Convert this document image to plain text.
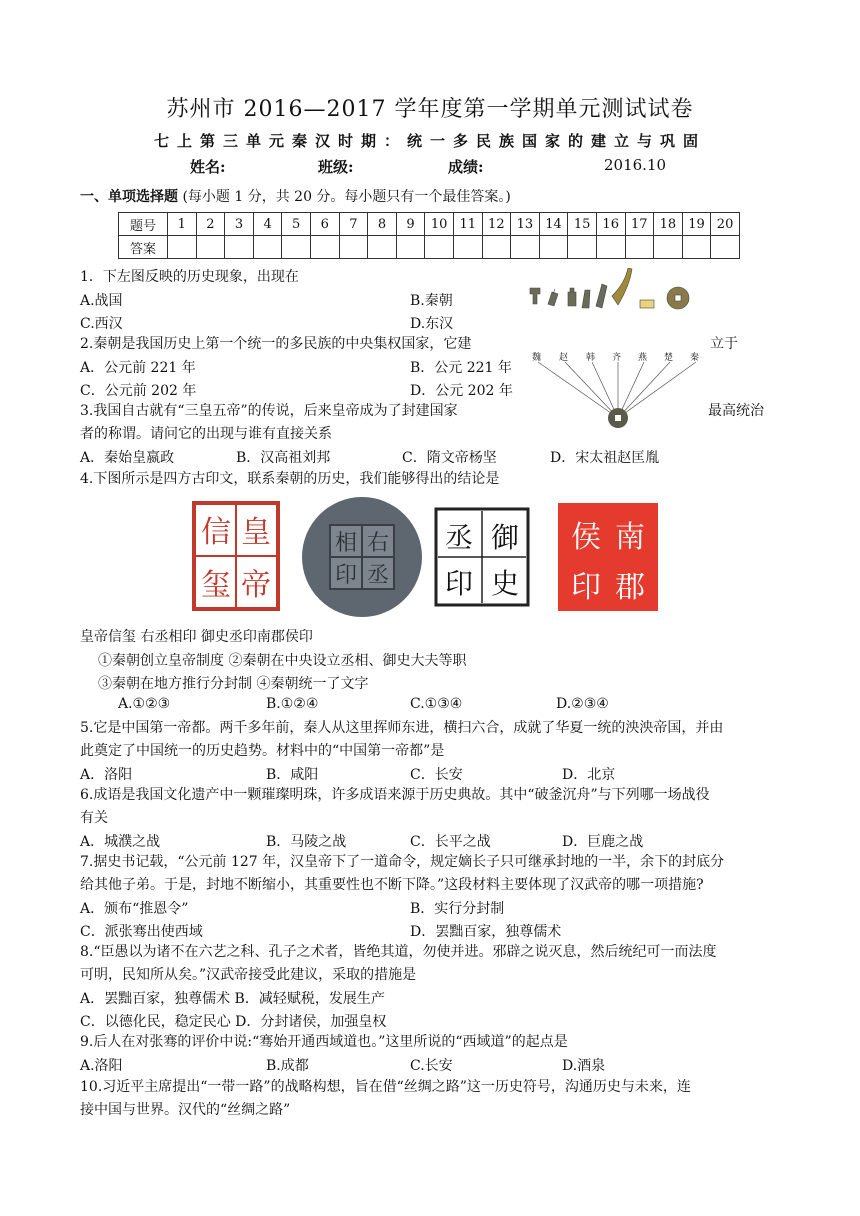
苏州市 2016—2017 学年度第一学期单元测试试卷
七上第三单元秦汉时期：统一多民族国家的建立与巩固
姓名:	班级:	成绩:	2016.10
一、单项选择题 (每小题 1 分，共 20 分。每小题只有一个最佳答案。)
题号	1	2	3	4	5	6	7	8	9	10	11	12	13	14	15	16	17	18	19	20
答案																				
魏 赵 韩 齐 燕 楚 秦
1．下左图反映的历史现象，出现在
A.战国	B.秦朝
C.西汉	D.东汉
2.秦朝是我国历史上第一个统一的多民族的中央集权国家，它建	立于
A．公元前 221 年	B．公元 221 年
C．公元前 202 年	D．公元 202 年
3.我国自古就有“三皇五帝”的传说，后来皇帝成为了封建国家	最高统治
者的称谓。请问它的出现与谁有直接关系
A．秦始皇嬴政	B．汉高祖刘邦	C．隋文帝杨坚	D．宋太祖赵匡胤
4.下图所示是四方古印文，联系秦朝的历史，我们能够得出的结论是
皇
帝
信
玺
右
丞
相
印
御
史
丞
印
南
郡
侯
印
皇帝信玺 右丞相印 御史丞印南郡侯印
①秦朝创立皇帝制度 ②秦朝在中央设立丞相、御史大夫等职
③秦朝在地方推行分封制 ④秦朝统一了文字
A.①②③	B.①②④	C.①③④	D.②③④
5.它是中国第一帝都。两千多年前，秦人从这里挥师东进，横扫六合，成就了华夏一统的泱泱帝国，并由
此奠定了中国统一的历史趋势。材料中的“中国第一帝都”是
A．洛阳	B．咸阳	C．长安	D．北京
6.成语是我国文化遗产中一颗璀璨明珠，许多成语来源于历史典故。其中“破釜沉舟”与下列哪一场战役
有关
A．城濮之战	B．马陵之战	C．长平之战	D．巨鹿之战
7.据史书记载，“公元前 127 年，汉皇帝下了一道命令，规定嫡长子只可继承封地的一半，余下的封底分
给其他子弟。于是，封地不断缩小，其重要性也不断下降。”这段材料主要体现了汉武帝的哪一项措施?
A．颁布“推恩令”	B．实行分封制
C．派张骞出使西域	D．罢黜百家，独尊儒术
8.“臣愚以为诸不在六艺之科、孔子之术者，皆绝其道，勿使并进。邪辟之说灭息，然后统纪可一而法度
可明，民知所从矣。”汉武帝接受此建议，采取的措施是
A．罢黜百家，独尊儒术 B．减轻赋税，发展生产
C．以德化民，稳定民心 D．分封诸侯，加强皇权
9.后人在对张骞的评价中说:“骞始开通西域道也。”这里所说的“西域道”的起点是
A.洛阳	B.成都	C.长安	D.酒泉
10.习近平主席提出“一带一路”的战略构想，旨在借“丝绸之路”这一历史符号，沟通历史与未来，连
接中国与世界。汉代的“丝绸之路”
